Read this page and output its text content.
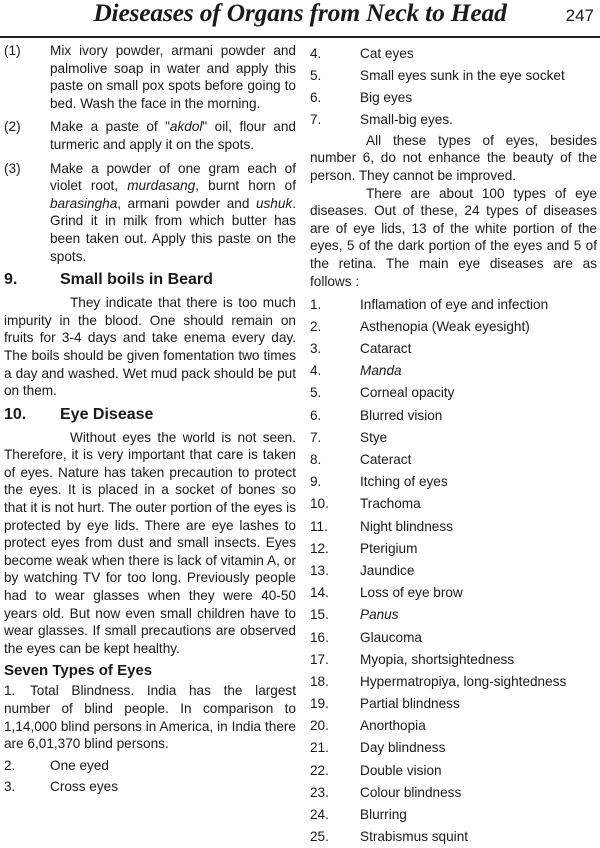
Dieseases of Organs from Neck to Head	247
(1)	Mix ivory powder, armani powder and palmolive soap in water and apply this paste on small pox spots before going to bed. Wash the face in the morning.
(2)	Make a paste of "akdol" oil, flour and turmeric and apply it on the spots.
(3)	Make a powder of one gram each of violet root, murdasang, burnt horn of barasingha, armani powder and ushuk. Grind it in milk from which butter has been taken out. Apply this paste on the spots.
9.	Small boils in Beard

They indicate that there is too much impurity in the blood. One should remain on fruits for 3-4 days and take enema every day. The boils should be given fomentation two times a day and washed. Wet mud pack should be put on them.

10.	Eye Disease

Without eyes the world is not seen. Therefore, it is very important that care is taken of eyes. Nature has taken precaution to protect the eyes. It is placed in a socket of bones so that it is not hurt. The outer portion of the eyes is protected by eye lids. There are eye lashes to protect eyes from dust and small insects. Eyes become weak when there is lack of vitamin A, or by watching TV for too long. Previously people had to wear glasses when they were 40-50 years old. But now even small children have to wear glasses. If small precautions are observed the eyes can be kept healthy.

Seven Types of Eyes

1. Total Blindness. India has the largest number of blind people. In comparison to 1,14,000 blind persons in America, in India there are 6,01,370 blind persons.

2.	One eyed
3.	Cross eyes
4.	Cat eyes
5.	Small eyes sunk in the eye socket
6.	Big eyes
7.	Small-big eyes.

All these types of eyes, besides number 6, do not enhance the beauty of the person. They cannot be improved.

There are about 100 types of eye diseases. Out of these, 24 types of diseases are of eye lids, 13 of the white portion of the eyes, 5 of the dark portion of the eyes and 5 of the retina. The main eye diseases are as follows :

1.	Inflamation of eye and infection
2.	Asthenopia (Weak eyesight)
3.	Cataract
4.	Manda
5.	Corneal opacity
6.	Blurred vision
7.	Stye
8.	Cateract
9.	Itching of eyes
10.	Trachoma
11.	Night blindness
12.	Pterigium
13.	Jaundice
14.	Loss of eye brow
15.	Panus
16.	Glaucoma
17.	Myopia, shortsightedness
18.	Hypermatropiya, long-sightedness
19.	Partial blindness
20.	Anorthopia
21.	Day blindness
22.	Double vision
23.	Colour blindness
24.	Blurring
25.	Strabismus squint
